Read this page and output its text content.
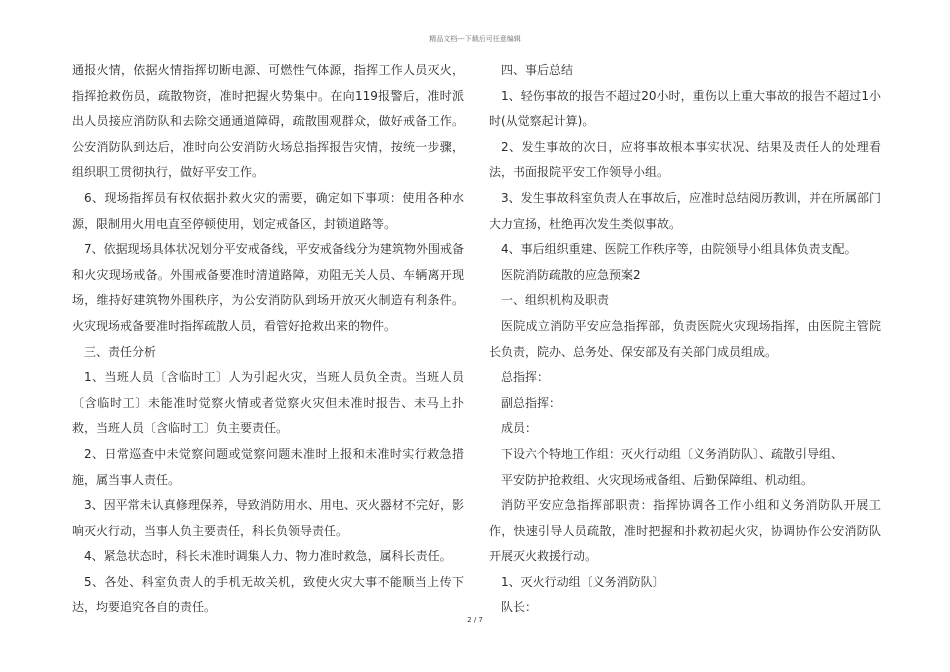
精品文档---下载后可任意编辑

通报火情，依据火情指挥切断电源、可燃性气体源，指挥工作人员灭火，指挥抢救伤员，疏散物资，准时把握火势集中。在向119报警后，准时派出人员接应消防队和去除交通通道障碍，疏散围观群众，做好戒备工作。公安消防队到达后，准时向公安消防火场总指挥报告灾情，按统一步骤，组织职工贯彻执行，做好平安工作。

6、现场指挥员有权依据扑救火灾的需要，确定如下事项：使用各种水源，限制用火用电直至停顿使用，划定戒备区，封锁道路等。

7、依据现场具体状况划分平安戒备线，平安戒备线分为建筑物外围戒备和火灾现场戒备。外围戒备要准时清道路障，劝阻无关人员、车辆离开现场，维持好建筑物外围秩序，为公安消防队到场开放灭火制造有利条件。火灾现场戒备要准时指挥疏散人员，看管好抢救出来的物件。

三、责任分析

1、当班人员〔含临时工〕人为引起火灾，当班人员负全责。当班人员〔含临时工〕未能准时觉察火情或者觉察火灾但未准时报告、未马上扑救，当班人员〔含临时工〕负主要责任。

2、日常巡查中未觉察问题或觉察问题未准时上报和未准时实行救急措施，属当事人责任。

3、因平常未认真修理保养，导致消防用水、用电、灭火器材不完好，影响灭火行动，当事人负主要责任，科长负领导责任。

4、紧急状态时，科长未准时调集人力、物力准时救急，属科长责任。

5、各处、科室负责人的手机无故关机，致使火灾大事不能顺当上传下达，均要追究各自的责任。

四、事后总结

1、轻伤事故的报告不超过20小时，重伤以上重大事故的报告不超过1小时(从觉察起计算)。

2、发生事故的次日，应将事故根本事实状况、结果及责任人的处理看法，书面报院平安工作领导小组。

3、发生事故科室负责人在事故后，应准时总结阅历教训，并在所属部门大力宣扬，杜绝再次发生类似事故。

4、事后组织重建、医院工作秩序等，由院领导小组具体负责支配。

医院消防疏散的应急预案2

一、组织机构及职责

医院成立消防平安应急指挥部，负责医院火灾现场指挥，由医院主管院长负责，院办、总务处、保安部及有关部门成员组成。

总指挥：

副总指挥：

成员：

下设六个特地工作组：灭火行动组〔义务消防队〕、疏散引导组、

平安防护抢救组、火灾现场戒备组、后勤保障组、机动组。

消防平安应急指挥部职责：指挥协调各工作小组和义务消防队开展工作，快速引导人员疏散，准时把握和扑救初起火灾，协调协作公安消防队开展灭火救援行动。

1、灭火行动组〔义务消防队〕

队长：

2 / 7
